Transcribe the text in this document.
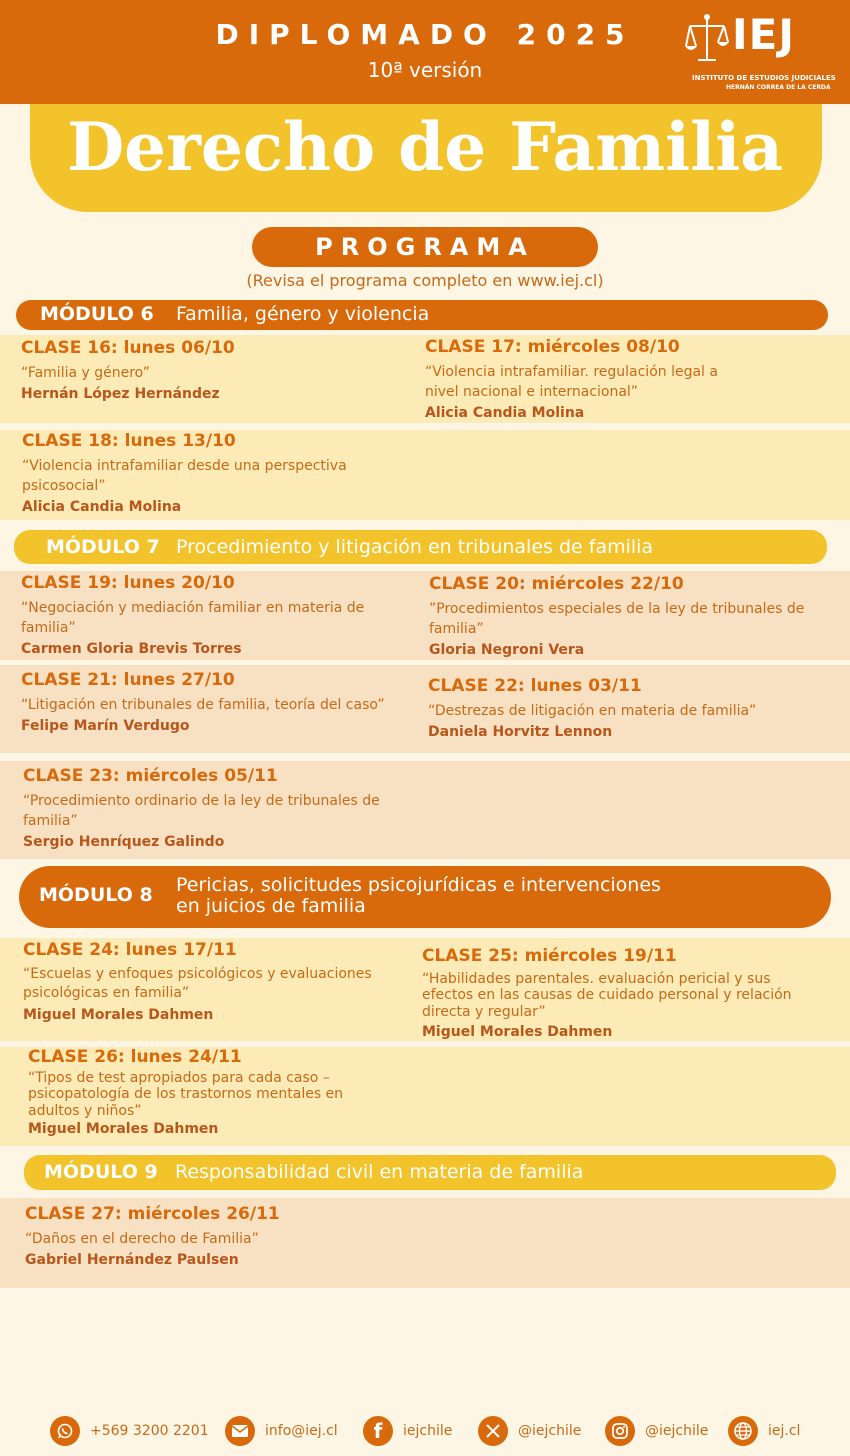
DIPLOMADO 2025
10ª versión
IEJ
INSTITUTO DE ESTUDIOS JUDICIALES
HERNÁN CORREA DE LA CERDA
Derecho de Familia
PROGRAMA
(Revisa el programa completo en www.iej.cl)
MÓDULO 6 Familia, género y violencia
CLASE 16: lunes 06/10
“Familia y género”
Hernán López Hernández
CLASE 17: miércoles 08/10
“Violencia intrafamiliar. regulación legal a nivel nacional e internacional”
Alicia Candia Molina
CLASE 18: lunes 13/10
“Violencia intrafamiliar desde una perspectiva psicosocial”
Alicia Candia Molina
MÓDULO 7 Procedimiento y litigación en tribunales de familia
CLASE 19: lunes 20/10
“Negociación y mediación familiar en materia de familia”
Carmen Gloria Brevis Torres
CLASE 20: miércoles 22/10
”Procedimientos especiales de la ley de tribunales de familia”
Gloria Negroni Vera
CLASE 21: lunes 27/10
“Litigación en tribunales de familia, teoría del caso”
Felipe Marín Verdugo
CLASE 22: lunes 03/11
“Destrezas de litigación en materia de familia”
Daniela Horvitz Lennon
CLASE 23: miércoles 05/11
“Procedimiento ordinario de la ley de tribunales de familia”
Sergio Henríquez Galindo
MÓDULO 8 Pericias, solicitudes psicojurídicas e intervenciones
en juicios de familia
CLASE 24: lunes 17/11
“Escuelas y enfoques psicológicos y evaluaciones psicológicas en familia”
Miguel Morales Dahmen
CLASE 25: miércoles 19/11
“Habilidades parentales. evaluación pericial y sus efectos en las causas de cuidado personal y relación directa y regular”
Miguel Morales Dahmen
CLASE 26: lunes 24/11
“Tipos de test apropiados para cada caso – psicopatología de los trastornos mentales en adultos y niños”
Miguel Morales Dahmen
MÓDULO 9 Responsabilidad civil en materia de familia
CLASE 27: miércoles 26/11
“Daños en el derecho de Familia”
Gabriel Hernández Paulsen
+569 3200 2201	info@iej.cl f iejchile	@iejchile	@iejchile	iej.cl
